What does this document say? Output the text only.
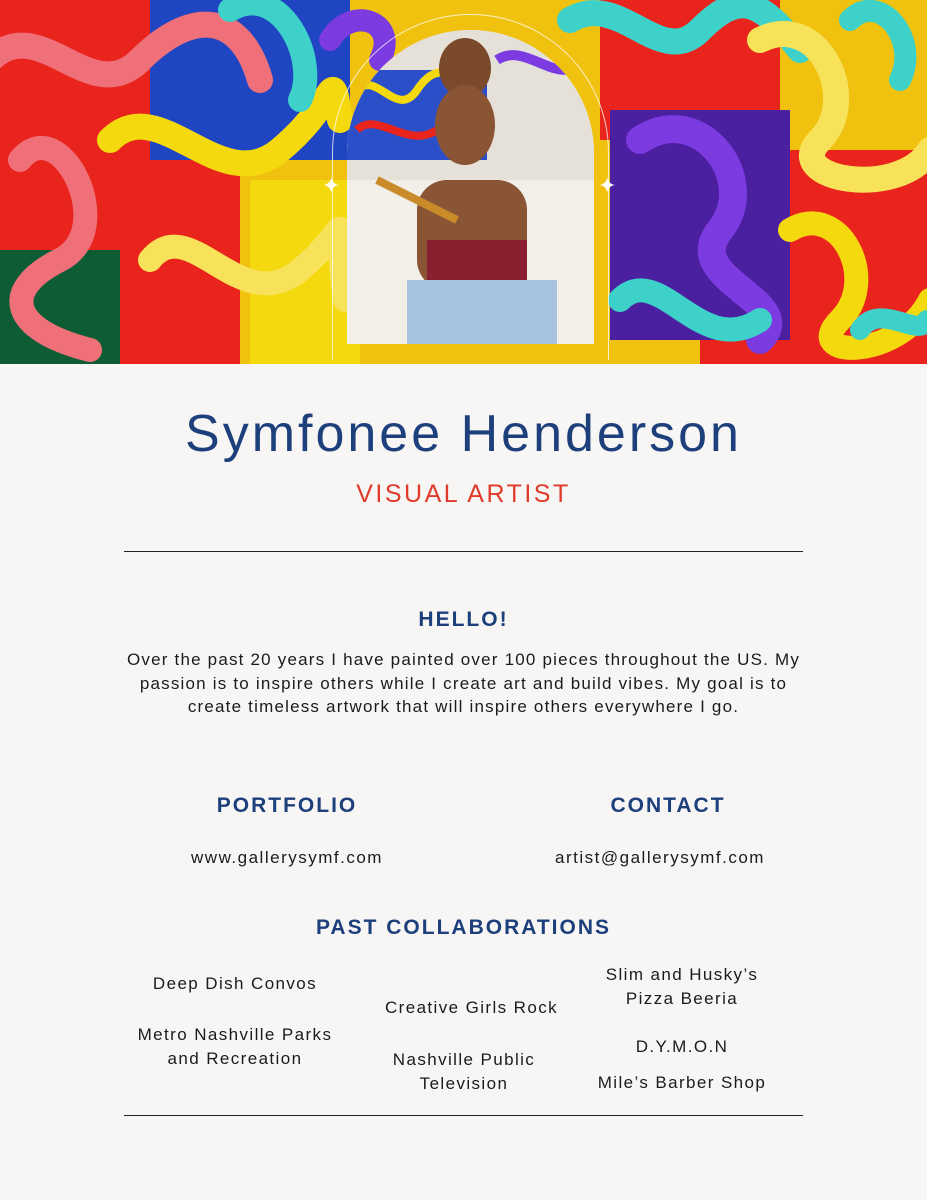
✦	✦
Symfonee Henderson
VISUAL ARTIST
HELLO!
Over the past 20 years I have painted over 100 pieces throughout the US. My passion is to inspire others while I create art and build vibes. My goal is to create timeless artwork that will inspire others everywhere I go.
PORTFOLIO	CONTACT
www.gallerysymf.com	artist@gallerysymf.com
PAST COLLABORATIONS
Deep Dish Convos
Metro Nashville Parks and Recreation
Creative Girls Rock
Nashville Public Television
Slim and Husky’s Pizza Beeria
D.Y.M.O.N
Mile’s Barber Shop
